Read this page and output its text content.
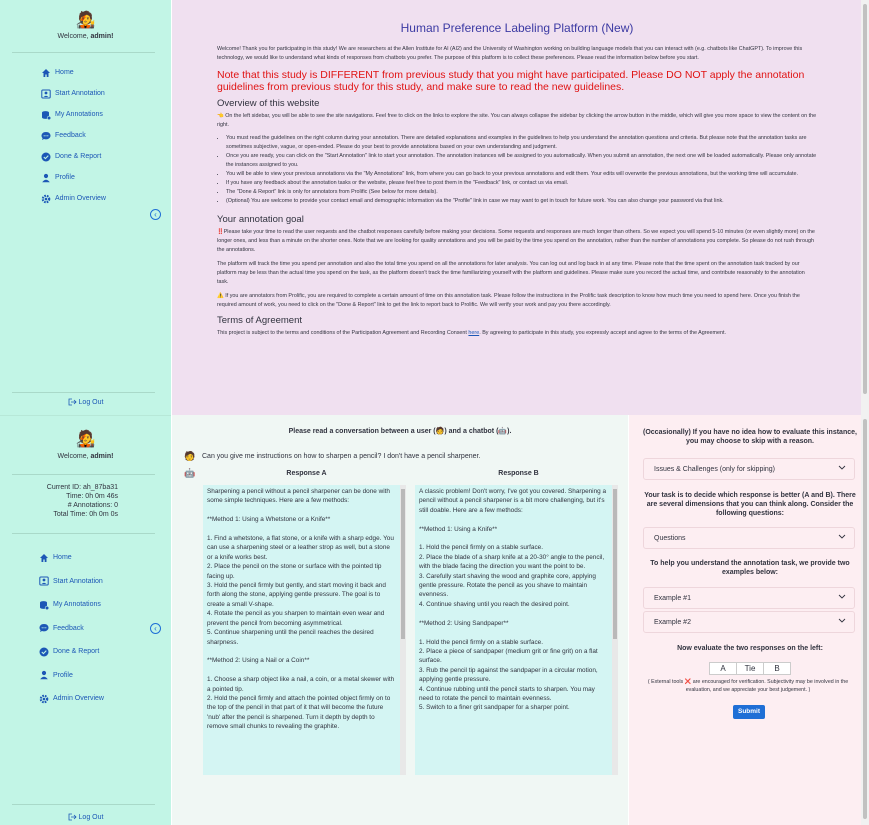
🧑‍🎤
Welcome, admin!
Home
Start Annotation
My Annotations
Feedback
Done & Report
Profile
Admin Overview
‹
Log Out
🧑‍🎤
Welcome, admin!
Current ID: ah_87ba31
Time: 0h 0m 46s
# Annotations: 0
Total Time: 0h 0m 0s
Home
Start Annotation
My Annotations
Feedback
Done & Report
Profile
Admin Overview
‹
Log Out
Human Preference Labeling Platform (New)

Welcome! Thank you for participating in this study! We are researchers at the Allen Institute for AI (AI2) and the University of Washington working on building language models that you can interact with (e.g. chatbots like ChatGPT). To improve this technology, we would like to understand what kinds of responses from chatbots you prefer. The purpose of this platform is to collect these preferences. Please read the information below before you start.

Note that this study is DIFFERENT from previous study that you might have participated. Please DO NOT apply the annotation guidelines from previous study for this study, and make sure to read the new guidelines.
Overview of this website

👈 On the left sidebar, you will be able to see the site navigations. Feel free to click on the links to explore the site. You can always collapse the sidebar by clicking the arrow button in the middle, which will give you more space to view the content on the right.

• You must read the guidelines on the right column during your annotation. There are detailed explanations and examples in the guidelines to help you understand the annotation questions and criteria. But please note that the annotation tasks are sometimes subjective, vague, or open-ended. Please do your best to provide annotations based on your own understanding and judgment.
• Once you are ready, you can click on the "Start Annotation" link to start your annotation. The annotation instances will be assigned to you automatically. When you submit an annotation, the next one will be loaded automatically. Please only annotate the instances assigned to you.
• You will be able to view your previous annotations via the "My Annotations" link, from where you can go back to your previous annotations and edit them. Your edits will overwrite the previous annotations, but the working time will accumulate.
• If you have any feedback about the annotation tasks or the website, please feel free to post them in the "Feedback" link, or contact us via email.
• The "Done & Report" link is only for annotators from Prolific (See below for more details).
• (Optional) You are welcome to provide your contact email and demographic information via the "Profile" link in case we may want to get in touch for future work. You can also change your password via that link.
Your annotation goal

‼️Please take your time to read the user requests and the chatbot responses carefully before making your decisions. Some requests and responses are much longer than others. So we expect you will spend 5-10 minutes (or even slightly more) on the longer ones, and less than a minute on the shorter ones. Note that we are looking for quality annotations and you will be paid by the time you spend on the annotation, rather than the number of annotations you complete. So please do not rush through the annotations.

The platform will track the time you spend per annotation and also the total time you spend on all the annotations for later analysis. You can log out and log back in at any time. Please note that the time spent on the annotation task tracked by our platform may be less than the actual time you spend on the task, as the platform doesn't track the time familiarizing yourself with the platform and guidelines. Please make sure you record the actual time, and contribute reasonably to the annotation task.

⚠️ If you are annotators from Prolific, you are required to complete a certain amount of time on this annotation task. Please follow the instructions in the Prolific task description to know how much time you need to spend here. Once you finish the required amount of work, you need to click on the "Done & Report" link to get the link to report back to Prolific. We will verify your work and pay you there accordingly.

Terms of Agreement

This project is subject to the terms and conditions of the Participation Agreement and Recording Consent here. By agreeing to participate in this study, you expressly accept and agree to the terms of the Agreement.

Please read a conversation between a user (🧑) and a chatbot (🤖).
🧑 Can you give me instructions on how to sharpen a pencil? I don't have a pencil sharpener.
🤖	Response A	Response B
Sharpening a pencil without a pencil sharpener can be done with some simple techniques. Here are a few methods:

**Method 1: Using a Whetstone or a Knife**

1. Find a whetstone, a flat stone, or a knife with a sharp edge. You can use a sharpening steel or a leather strop as well, but a stone or a knife works best.
2. Place the pencil on the stone or surface with the pointed tip facing up.
3. Hold the pencil firmly but gently, and start moving it back and forth along the stone, applying gentle pressure. The goal is to create a small V-shape.
4. Rotate the pencil as you sharpen to maintain even wear and prevent the pencil from becoming asymmetrical.
5. Continue sharpening until the pencil reaches the desired sharpness.

**Method 2: Using a Nail or a Coin**

1. Choose a sharp object like a nail, a coin, or a metal skewer with a pointed tip.
2. Hold the pencil firmly and attach the pointed object firmly on to the top of the pencil in that part of it that will become the future 'nub' after the pencil is sharpened. Turn it depth by depth to remove small chunks to revealing the graphite.
A classic problem! Don't worry, I've got you covered. Sharpening a pencil without a pencil sharpener is a bit more challenging, but it's still doable. Here are a few methods:

**Method 1: Using a Knife**

1. Hold the pencil firmly on a stable surface.
2. Place the blade of a sharp knife at a 20-30° angle to the pencil, with the blade facing the direction you want the point to be.
3. Carefully start shaving the wood and graphite core, applying gentle pressure. Rotate the pencil as you shave to maintain evenness.
4. Continue shaving until you reach the desired point.

**Method 2: Using Sandpaper**

1. Hold the pencil firmly on a stable surface.
2. Place a piece of sandpaper (medium grit or fine grit) on a flat surface.
3. Rub the pencil tip against the sandpaper in a circular motion, applying gentle pressure.
4. Continue rubbing until the pencil starts to sharpen. You may need to rotate the pencil to maintain evenness.
5. Switch to a finer grit sandpaper for a sharper point.
(Occasionally) If you have no idea how to evaluate this instance, you may choose to skip with a reason.
Issues & Challenges (only for skipping)
Your task is to decide which response is better (A and B). There are several dimensions that you can think along. Consider the following questions:
Questions
To help you understand the annotation task, we provide two examples below:
Example #1
Example #2
Now evaluate the two responses on the left:
A	Tie	B
( External tools ❌ are encouraged for verification. Subjectivity may be involved in the evaluation, and we appreciate your best judgement. )
Submit
